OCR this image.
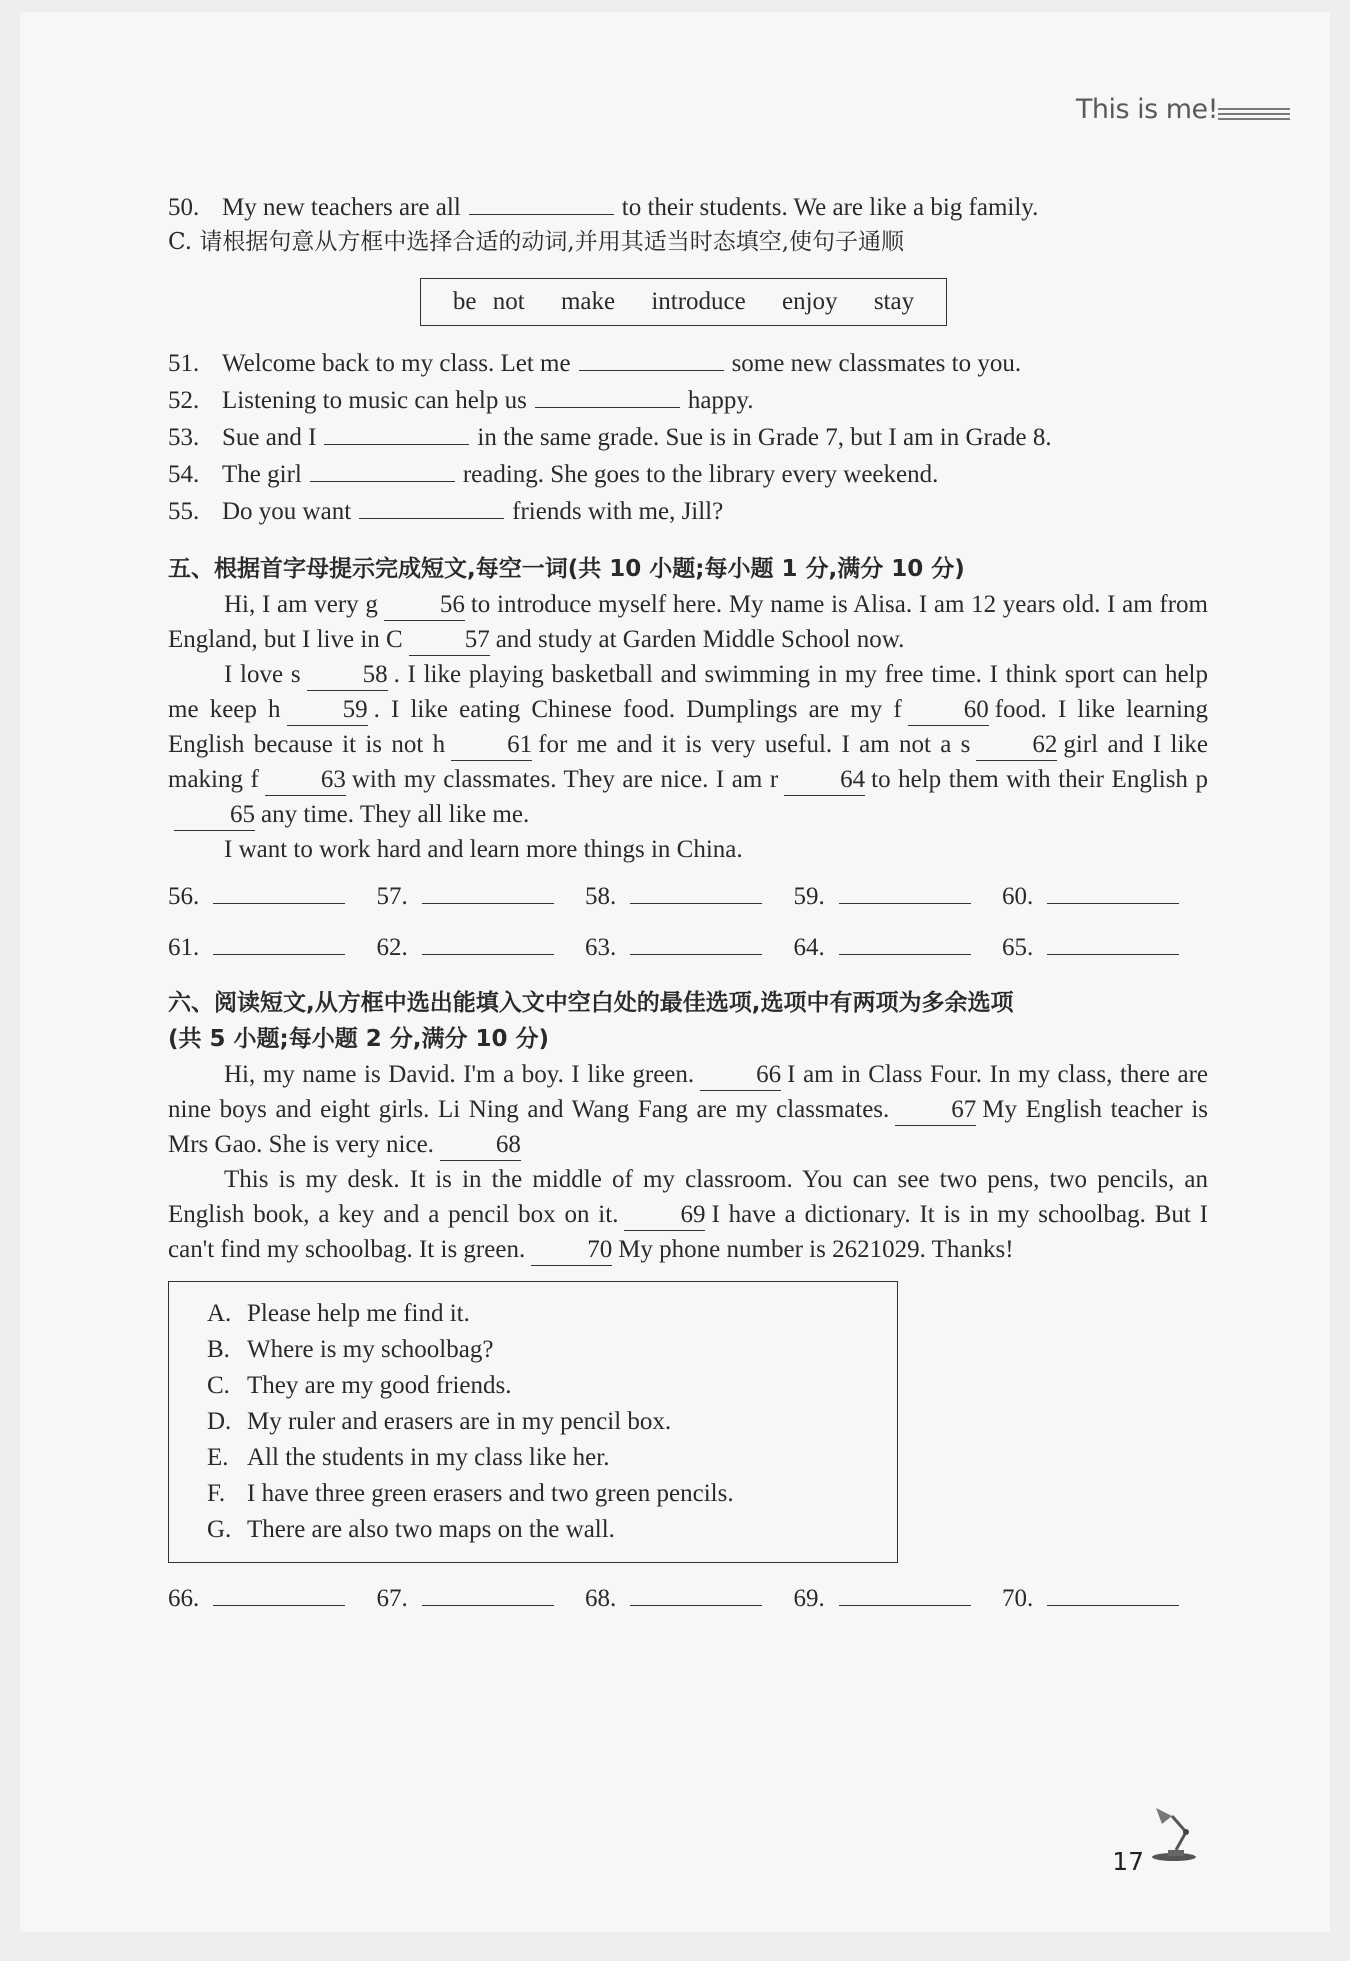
This is me!
50. My new teachers are all	to their students. We are like a big family.
C. 请根据句意从方框中选择合适的动词,并用其适当时态填空,使句子通顺
be not make introduce enjoy stay
51. Welcome back to my class. Let me	some new classmates to you.
52. Listening to music can help us	happy.
53. Sue and I	in the same grade. Sue is in Grade 7, but I am in Grade 8.
54. The girl	reading. She goes to the library every weekend.
55. Do you want	friends with me, Jill?
五、根据首字母提示完成短文,每空一词(共 10 小题;每小题 1 分,满分 10 分)
Hi, I am very g 56 to introduce myself here. My name is Alisa. I am 12 years old. I am from England, but I live in C 57 and study at Garden Middle School now.
I love s 58 . I like playing basketball and swimming in my free time. I think sport can help me keep h 59 . I like eating Chinese food. Dumplings are my f 60 food. I like learning English because it is not h 61 for me and it is very useful. I am not a s 62 girl and I like making f 63 with my classmates. They are nice. I am r 64 to help them with their English p65 any time. They all like me.
I want to work hard and learn more things in China.
56.	57.	58.	59.	60.
61.	62.	63.	64.	65.
六、阅读短文,从方框中选出能填入文中空白处的最佳选项,选项中有两项为多余选项
(共 5 小题;每小题 2 分,满分 10 分)
Hi, my name is David. I'm a boy. I like green. 66 I am in Class Four. In my class, there are nine boys and eight girls. Li Ning and Wang Fang are my classmates. 67 My English teacher is Mrs Gao. She is very nice. 68
This is my desk. It is in the middle of my classroom. You can see two pens, two pencils, an English book, a key and a pencil box on it. 69 I have a dictionary. It is in my schoolbag. But I can't find my schoolbag. It is green. 70 My phone number is 2621029. Thanks!
A. Please help me find it.
B. Where is my schoolbag?
C. They are my good friends.
D. My ruler and erasers are in my pencil box.
E. All the students in my class like her.
F. I have three green erasers and two green pencils.
G. There are also two maps on the wall.
66.	67.	68.	69.	70.
17
